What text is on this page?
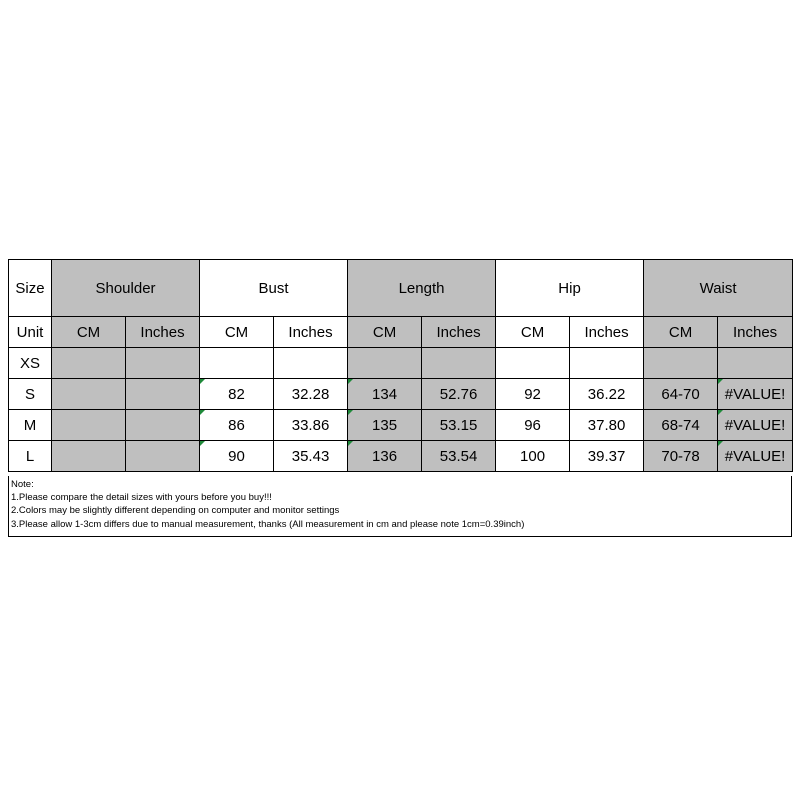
Size	Shoulder		Bust		Length		Hip		Waist	
Unit	CM	Inches	CM	Inches	CM	Inches	CM	Inches	CM	Inches
XS										
S			82	32.28	134	52.76	92	36.22	64-70	#VALUE!
M			86	33.86	135	53.15	96	37.80	68-74	#VALUE!
L			90	35.43	136	53.54	100	39.37	70-78	#VALUE!
Note:
1.Please compare the detail sizes with yours before you buy!!!
2.Colors may be slightly different depending on computer and monitor settings
3.Please allow 1-3cm differs due to manual measurement, thanks (All measurement in cm and please note 1cm=0.39inch)
